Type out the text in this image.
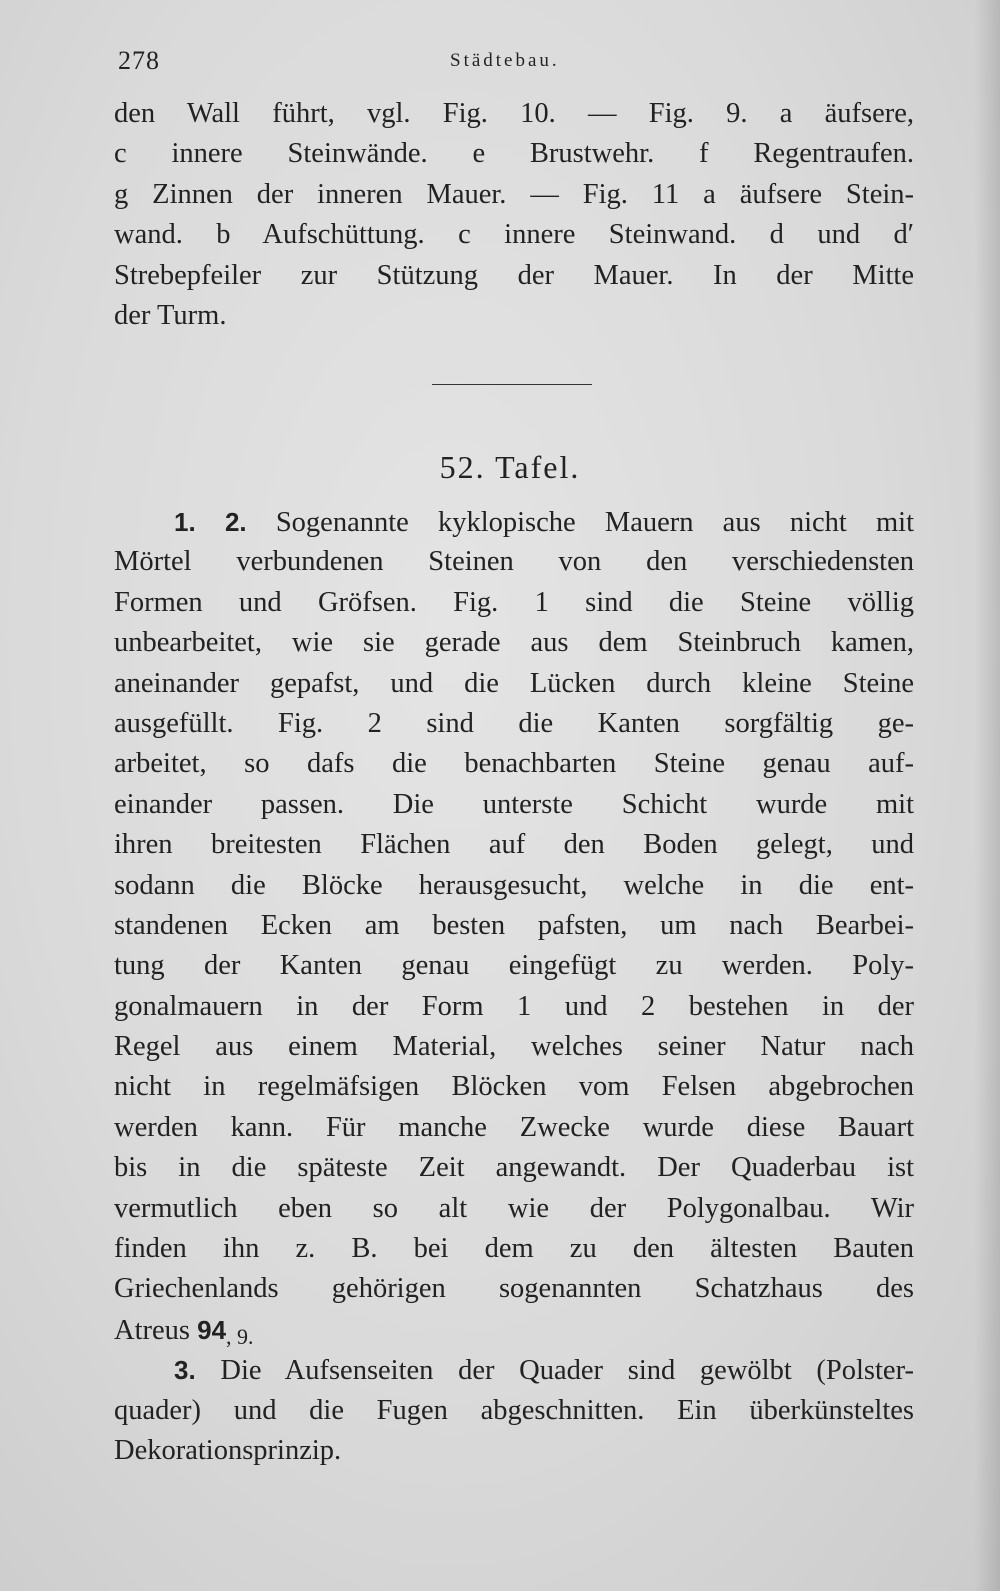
278	Städtebau.
den Wall führt, vgl. Fig. 10. — Fig. 9. a äufsere,
c innere Steinwände. e Brustwehr. f Regentraufen.
g Zinnen der inneren Mauer. — Fig. 11 a äufsere Stein-
wand. b Aufschüttung. c innere Steinwand. d und d′
Strebepfeiler zur Stützung der Mauer. In der Mitte
der Turm.
52. Tafel.
1. 2. Sogenannte kyklopische Mauern aus nicht mit
Mörtel verbundenen Steinen von den verschiedensten
Formen und Gröfsen. Fig. 1 sind die Steine völlig
unbearbeitet, wie sie gerade aus dem Steinbruch kamen,
aneinander gepafst, und die Lücken durch kleine Steine
ausgefüllt. Fig. 2 sind die Kanten sorgfältig ge-
arbeitet, so dafs die benachbarten Steine genau auf-
einander passen. Die unterste Schicht wurde mit
ihren breitesten Flächen auf den Boden gelegt, und
sodann die Blöcke herausgesucht, welche in die ent-
standenen Ecken am besten pafsten, um nach Bearbei-
tung der Kanten genau eingefügt zu werden. Poly-
gonalmauern in der Form 1 und 2 bestehen in der
Regel aus einem Material, welches seiner Natur nach
nicht in regelmäfsigen Blöcken vom Felsen abgebrochen
werden kann. Für manche Zwecke wurde diese Bauart
bis in die späteste Zeit angewandt. Der Quaderbau ist
vermutlich eben so alt wie der Polygonalbau. Wir
finden ihn z. B. bei dem zu den ältesten Bauten
Griechenlands gehörigen sogenannten Schatzhaus des
Atreus 94, 9.
3. Die Aufsenseiten der Quader sind gewölbt (Polster-
quader) und die Fugen abgeschnitten. Ein überkünsteltes
Dekorationsprinzip.
